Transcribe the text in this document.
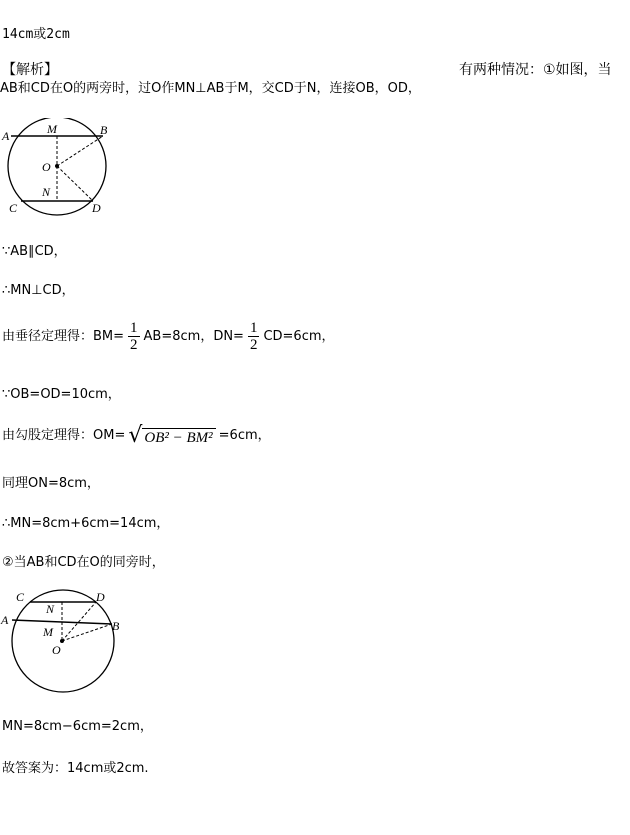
14cm或2cm
【解析】	有两种情况：①如图，当
AB和CD在O的两旁时，过O作MN⊥AB于M，交CD于N，连接OB，OD，
A	B
C	D
M
N
O
∵AB∥CD，
∴MN⊥CD，
由垂径定理得：$BM= \frac{1}{2} AB=8cm$，$DN= \frac{1}{2} CD=6cm$，
∵OB=OD=10cm，
由勾股定理得：OM= √ OB² − BM² =6cm，
同理ON=8cm，
∴MN=8cm+6cm=14cm，
②当AB和CD在O的同旁时，
C	D
A	B
N
M
O
MN=8cm−6cm=2cm，
故答案为：14cm或2cm.
